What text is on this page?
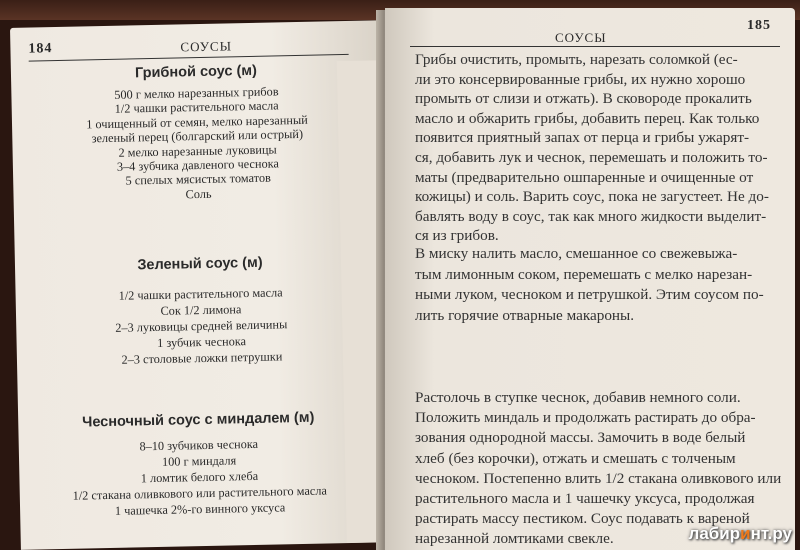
184	СОУСЫ
Грибной соус (м)
500 г мелко нарезанных грибов
1/2 чашки растительного масла
1 очищенный от семян, мелко нарезанный
зеленый перец (болгарский или острый)
2 мелко нарезанные луковицы
3–4 зубчика давленого чеснока
5 спелых мясистых томатов
Соль
Зеленый соус (м)
1/2 чашки растительного масла
Сок 1/2 лимона
2–3 луковицы средней величины
1 зубчик чеснока
2–3 столовые ложки петрушки
Чесночный соус с миндалем (м)
8–10 зубчиков чеснока
100 г миндаля
1 ломтик белого хлеба
1/2 стакана оливкового или растительного масла
1 чашечка 2%-го винного уксуса
СОУСЫ
185
Грибы очистить, промыть, нарезать соломкой (ес-
ли это консервированные грибы, их нужно хорошо
промыть от слизи и отжать). В сковороде прокалить
масло и обжарить грибы, добавить перец. Как только
появится приятный запах от перца и грибы ужарят-
ся, добавить лук и чеснок, перемешать и положить то-
маты (предварительно ошпаренные и очищенные от
кожицы) и соль. Варить соус, пока не загустеет. Не до-
бавлять воду в соус, так как много жидкости выделит-
ся из грибов.
В миску налить масло, смешанное со свежевыжа-
тым лимонным соком, перемешать с мелко нарезан-
ными луком, чесноком и петрушкой. Этим соусом по-
лить горячие отварные макароны.
Растолочь в ступке чеснок, добавив немного соли.
Положить миндаль и продолжать растирать до обра-
зования однородной массы. Замочить в воде белый
хлеб (без корочки), отжать и смешать с толченым
чесноком. Постепенно влить 1/2 стакана оливкового или
растительного масла и 1 чашечку уксуса, продолжая
растирать массу пестиком. Соус подавать к вареной
нарезанной ломтиками свекле.	лабиринт.ру
